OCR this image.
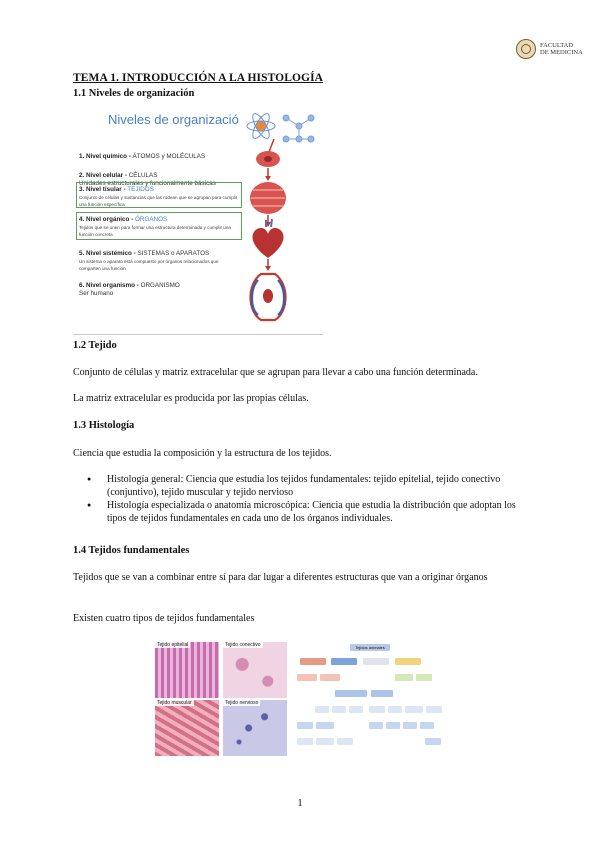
FACULTAD
DE MEDICINA
TEMA 1. INTRODUCCIÓN A LA HISTOLOGÍA
1.1 Niveles de organización
Niveles de organizació
1. Nivel químico - ÁTOMOS y MOLÉCULAS
2. Nivel celular - CÉLULAS
Unidades estructurales y funcionalmente básicas
3. Nivel tisular - TEJIDOS
Conjunto de células y sustancias que las rodean que se agrupan para cumplir una función específica
4. Nivel orgánico - ÓRGANOS
Tejidos que se unen para formar una estructura determinada y cumplir una función concreta
5. Nivel sistémico - SISTEMAS o APARATOS
Un sistema o aparato está compuesto por órganos relacionados que comparten una función
6. Nivel organismo - ORGANISMO
Ser humano
1.2 Tejido

Conjunto de células y matriz extracelular que se agrupan para llevar a cabo una función determinada.

La matriz extracelular es producida por las propias células.

1.3 Histología

Ciencia que estudia la composición y la estructura de los tejidos.

● Histología general: Ciencia que estudia los tejidos fundamentales: tejido epitelial, tejido conectivo (conjuntivo), tejido muscular y tejido nervioso
● Histología especializada o anatomía microscópica: Ciencia que estudia la distribución que adoptan los tipos de tejidos fundamentales en cada uno de los órganos individuales.
1.4 Tejidos fundamentales

Tejidos que se van a combinar entre sí para dar lugar a diferentes estructuras que van a originar órganos

Existen cuatro tipos de tejidos fundamentales

Tejido epitelial	Tejido conectivo
Tejido muscular	Tejido nervioso
Tejidos animales
1
